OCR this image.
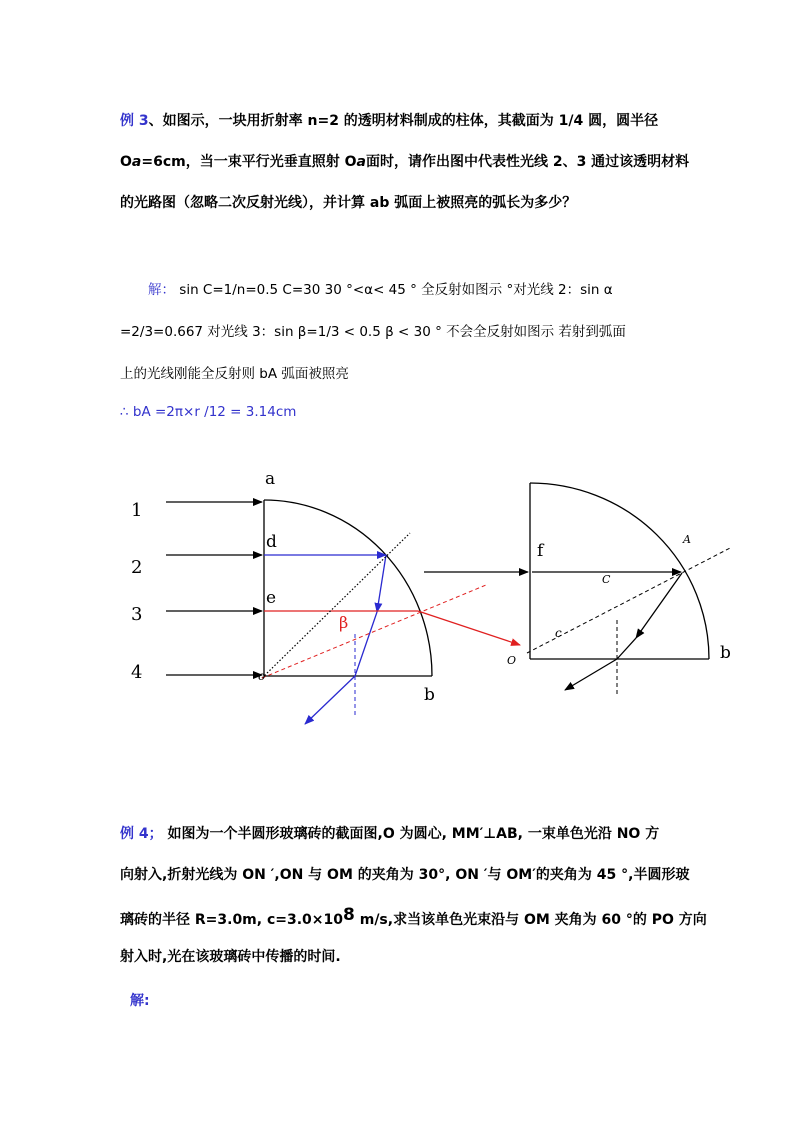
例 3、如图示，一块用折射率 n=2 的透明材料制成的柱体，其截面为 1/4 圆，圆半径
Oa=6cm，当一束平行光垂直照射 Oa面时，请作出图中代表性光线 2、3 通过该透明材料
的光路图（忽略二次反射光线），并计算 ab 弧面上被照亮的弧长为多少？
解： sin C=1/n=0.5 C=30 30 °<α< 45 ° 全反射如图示 °对光线 2：sin α
=2/3=0.667 对光线 3：sin β=1/3 < 0.5 β < 30 ° 不会全反射如图示 若射到弧面
上的光线刚能全反射则 bA 弧面被照亮
∴ bA =2π×r /12 = 3.14cm
a
d
e
b
o
β
1
2
3
4
f
A
C
c
O	b
例 4； 如图为一个半圆形玻璃砖的截面图,O 为圆心, MM′⊥AB, 一束单色光沿 NO 方
向射入,折射光线为 ON ′,ON 与 OM 的夹角为 30°, ON ′与 OM′的夹角为 45 °,半圆形玻
璃砖的半径 R=3.0m, $c=3.0\times 10^8$ m/s,求当该单色光束沿与 OM 夹角为 60 °的 PO 方向
射入时,光在该玻璃砖中传播的时间.
解:
